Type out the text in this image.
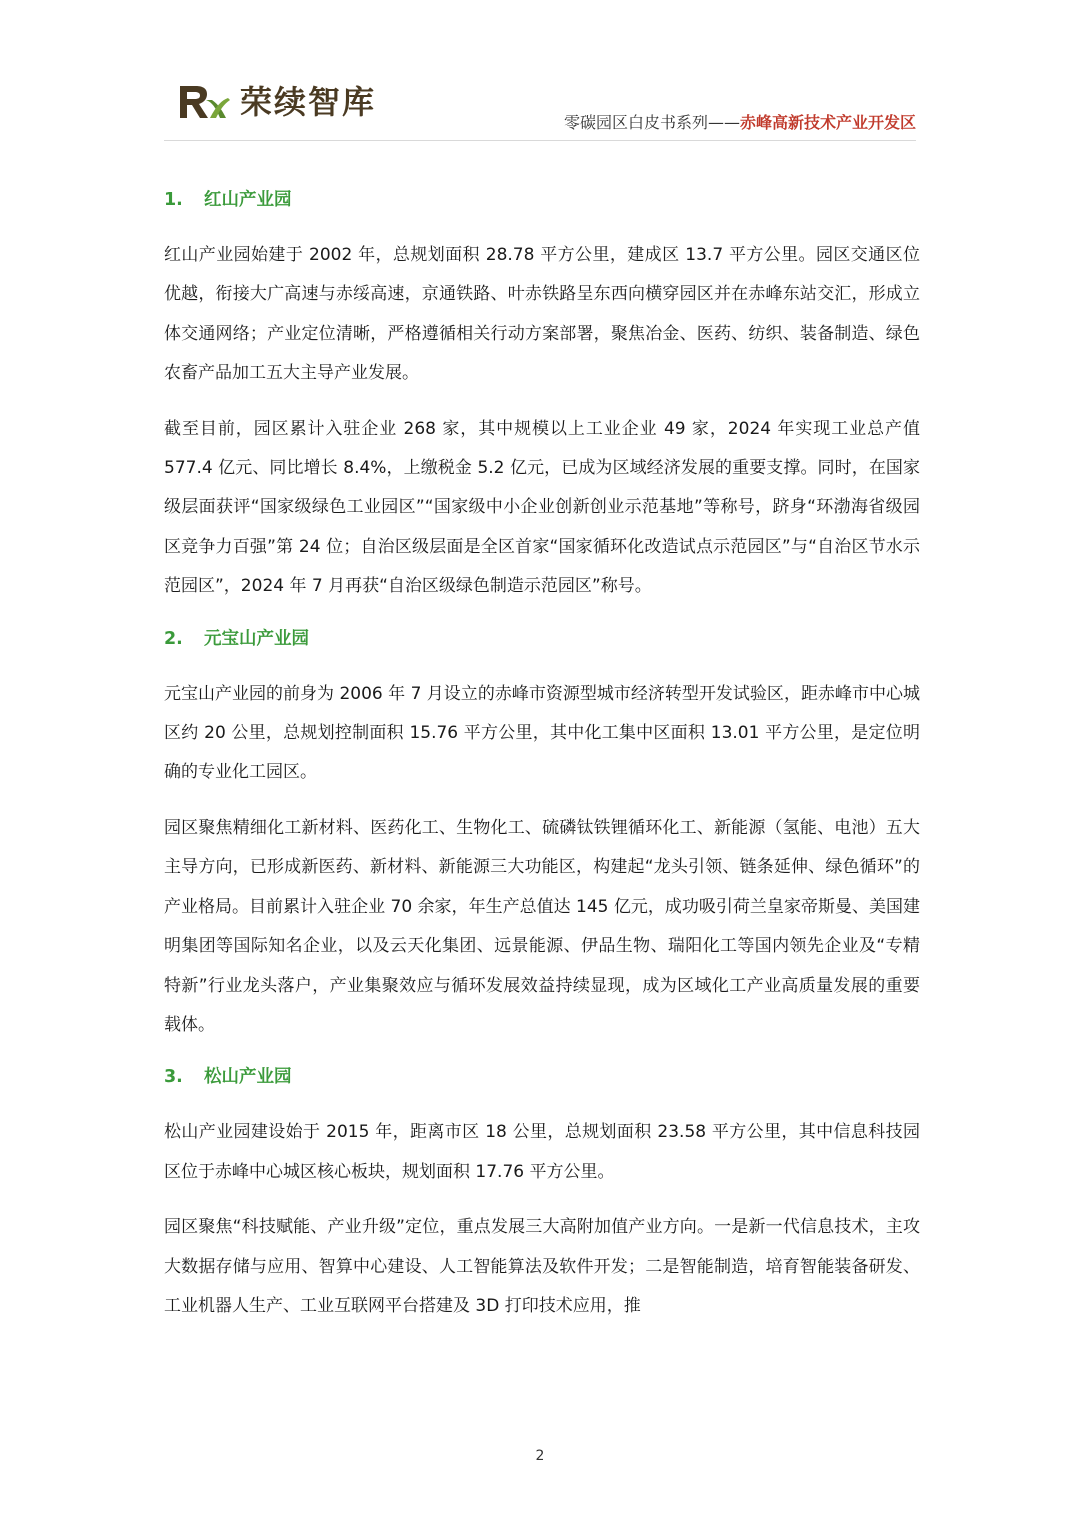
荣续智库
零碳园区白皮书系列——赤峰高新技术产业开发区
1.	红山产业园

红山产业园始建于 2002 年，总规划面积 28.78 平方公里，建成区 13.7 平方公里。园区交通区位优越，衔接大广高速与赤绥高速，京通铁路、叶赤铁路呈东西向横穿园区并在赤峰东站交汇，形成立体交通网络；产业定位清晰，严格遵循相关行动方案部署，聚焦冶金、医药、纺织、装备制造、绿色农畜产品加工五大主导产业发展。

截至目前，园区累计入驻企业 268 家，其中规模以上工业企业 49 家，2024 年实现工业总产值 577.4 亿元、同比增长 8.4%，上缴税金 5.2 亿元，已成为区域经济发展的重要支撑。同时，在国家级层面获评“国家级绿色工业园区”“国家级中小企业创新创业示范基地”等称号，跻身“环渤海省级园区竞争力百强”第 24 位；自治区级层面是全区首家“国家循环化改造试点示范园区”与“自治区节水示范园区”，2024 年 7 月再获“自治区级绿色制造示范园区”称号。

2.	元宝山产业园

元宝山产业园的前身为 2006 年 7 月设立的赤峰市资源型城市经济转型开发试验区，距赤峰市中心城区约 20 公里，总规划控制面积 15.76 平方公里，其中化工集中区面积 13.01 平方公里，是定位明确的专业化工园区。

园区聚焦精细化工新材料、医药化工、生物化工、硫磷钛铁锂循环化工、新能源（氢能、电池）五大主导方向，已形成新医药、新材料、新能源三大功能区，构建起“龙头引领、链条延伸、绿色循环”的产业格局。目前累计入驻企业 70 余家，年生产总值达 145 亿元，成功吸引荷兰皇家帝斯曼、美国建明集团等国际知名企业，以及云天化集团、远景能源、伊品生物、瑞阳化工等国内领先企业及“专精特新”行业龙头落户，产业集聚效应与循环发展效益持续显现，成为区域化工产业高质量发展的重要载体。

3.	松山产业园

松山产业园建设始于 2015 年，距离市区 18 公里，总规划面积 23.58 平方公里，其中信息科技园区位于赤峰中心城区核心板块，规划面积 17.76 平方公里。

园区聚焦“科技赋能、产业升级”定位，重点发展三大高附加值产业方向。一是新一代信息技术，主攻大数据存储与应用、智算中心建设、人工智能算法及软件开发；二是智能制造，培育智能装备研发、工业机器人生产、工业互联网平台搭建及 3D 打印技术应用，推

2
